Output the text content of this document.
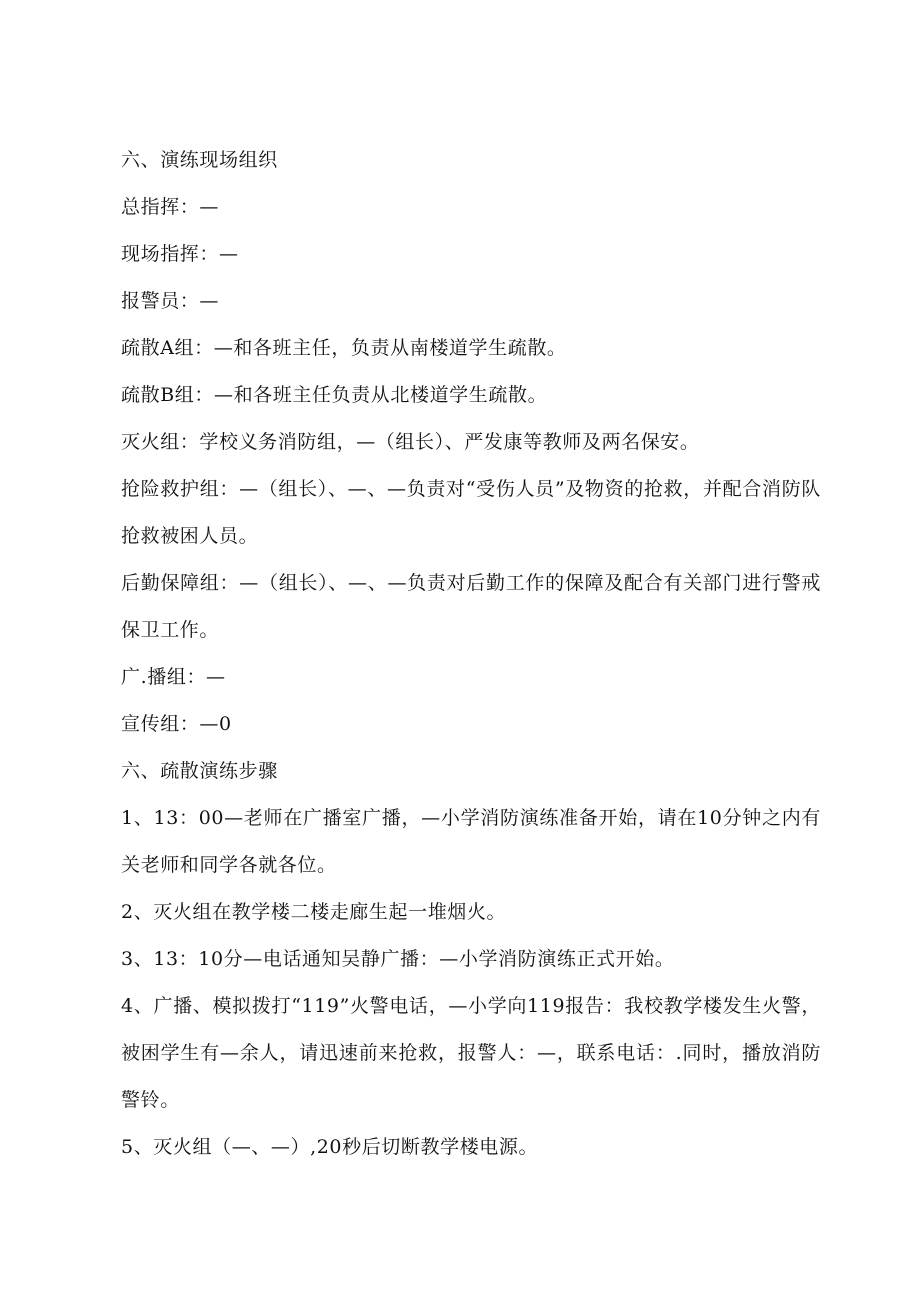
六、演练现场组织

总指挥：—

现场指挥：—

报警员：—

疏散A组：—和各班主任，负责从南楼道学生疏散。

疏散B组：—和各班主任负责从北楼道学生疏散。

灭火组：学校义务消防组，—（组长）、严发康等教师及两名保安。

抢险救护组：—（组长）、—、—负责对“受伤人员”及物资的抢救，并配合消防队抢救被困人员。

后勤保障组：—（组长）、—、—负责对后勤工作的保障及配合有关部门进行警戒保卫工作。

广.播组：—

宣传组：—0

六、疏散演练步骤

1、13：00—老师在广播室广播，—小学消防演练准备开始，请在10分钟之内有关老师和同学各就各位。

2、灭火组在教学楼二楼走廊生起一堆烟火。

3、13：10分—电话通知吴静广播：—小学消防演练正式开始。

4、广播、模拟拨打“119”火警电话，—小学向119报告：我校教学楼发生火警，被困学生有—余人，请迅速前来抢救，报警人：—，联系电话：.同时，播放消防警铃。

5、灭火组（—、—）,20秒后切断教学楼电源。
